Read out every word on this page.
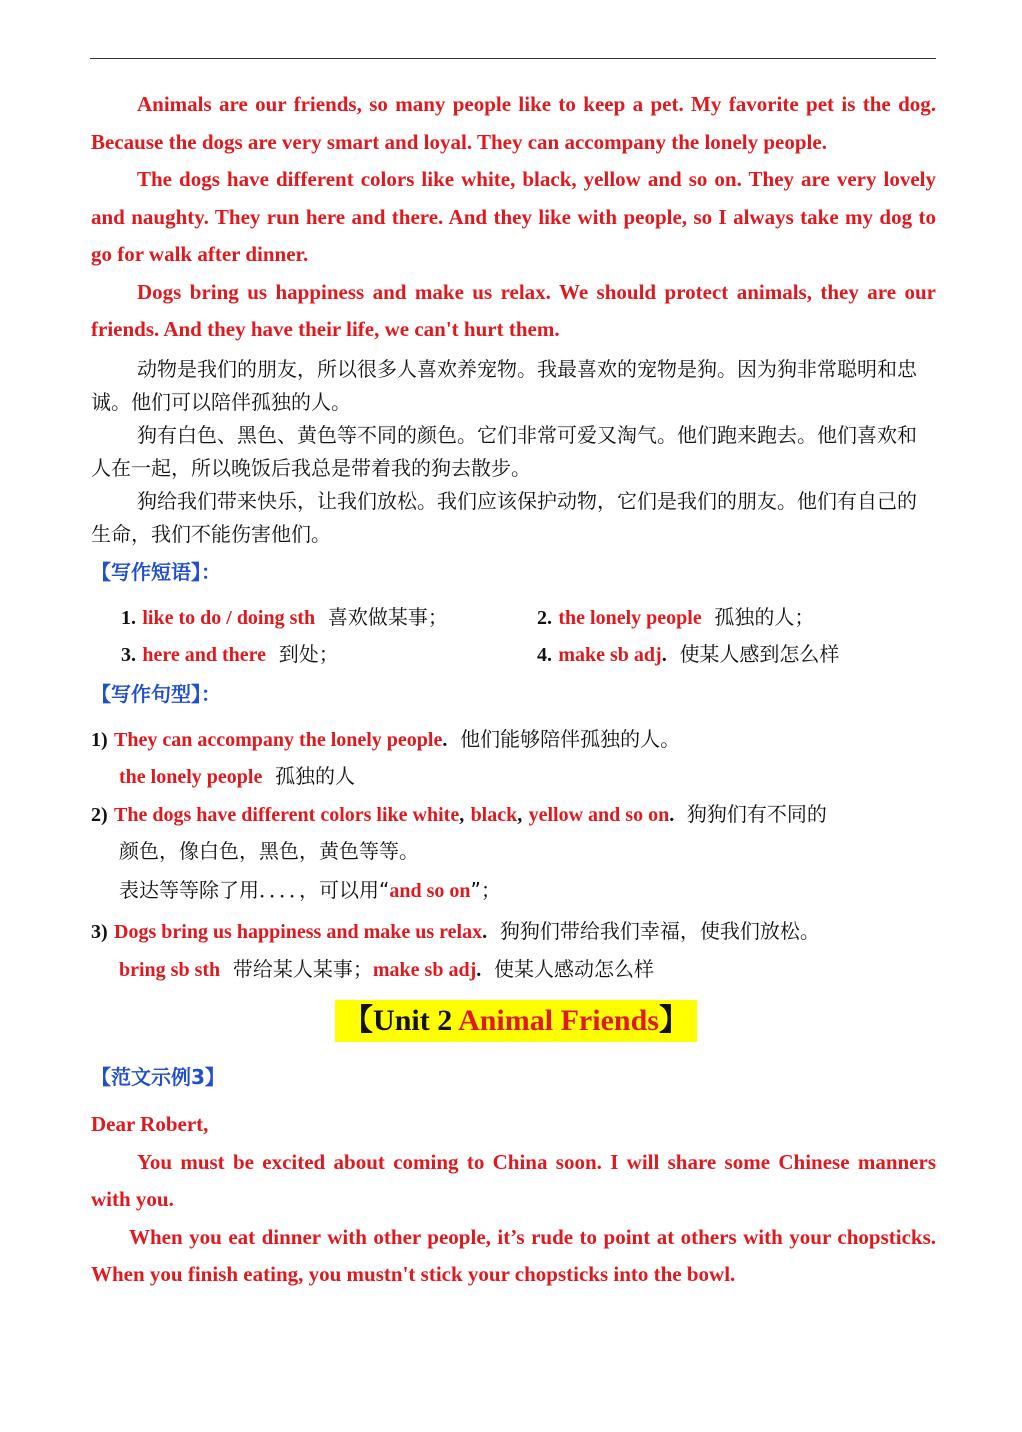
Animals are our friends, so many people like to keep a pet. My favorite pet is the dog. Because the dogs are very smart and loyal. They can accompany the lonely people.

The dogs have different colors like white, black, yellow and so on. They are very lovely and naughty. They run here and there. And they like with people, so I always take my dog to go for walk after dinner.

Dogs bring us happiness and make us relax. We should protect animals, they are our friends. And they have their life, we can't hurt them.

动物是我们的朋友，所以很多人喜欢养宠物。我最喜欢的宠物是狗。因为狗非常聪明和忠诚。他们可以陪伴孤独的人。

狗有白色、黑色、黄色等不同的颜色。它们非常可爱又淘气。他们跑来跑去。他们喜欢和人在一起，所以晚饭后我总是带着我的狗去散步。

狗给我们带来快乐，让我们放松。我们应该保护动物，它们是我们的朋友。他们有自己的生命，我们不能伤害他们。

【写作短语】：

1. like to do / doing sth 喜欢做某事；	2. the lonely people 孤独的人；
3. here and there 到处；	4. make sb adj. 使某人感到怎么样

【写作句型】：

1) They can accompany the lonely people. 他们能够陪伴孤独的人。

the lonely people 孤独的人

2) The dogs have different colors like white, black, yellow and so on. 狗狗们有不同的

颜色，像白色，黑色，黄色等等。

表达等等除了用．．．．，可以用“and so on”；

3) Dogs bring us happiness and make us relax. 狗狗们带给我们幸福，使我们放松。

bring sb sth 带给某人某事；make sb adj. 使某人感动怎么样

【Unit 2 Animal Friends】

【范文示例3】

Dear Robert,

You must be excited about coming to China soon. I will share some Chinese manners with you.

When you eat dinner with other people, it’s rude to point at others with your chopsticks. When you finish eating, you mustn't stick your chopsticks into the bowl.
